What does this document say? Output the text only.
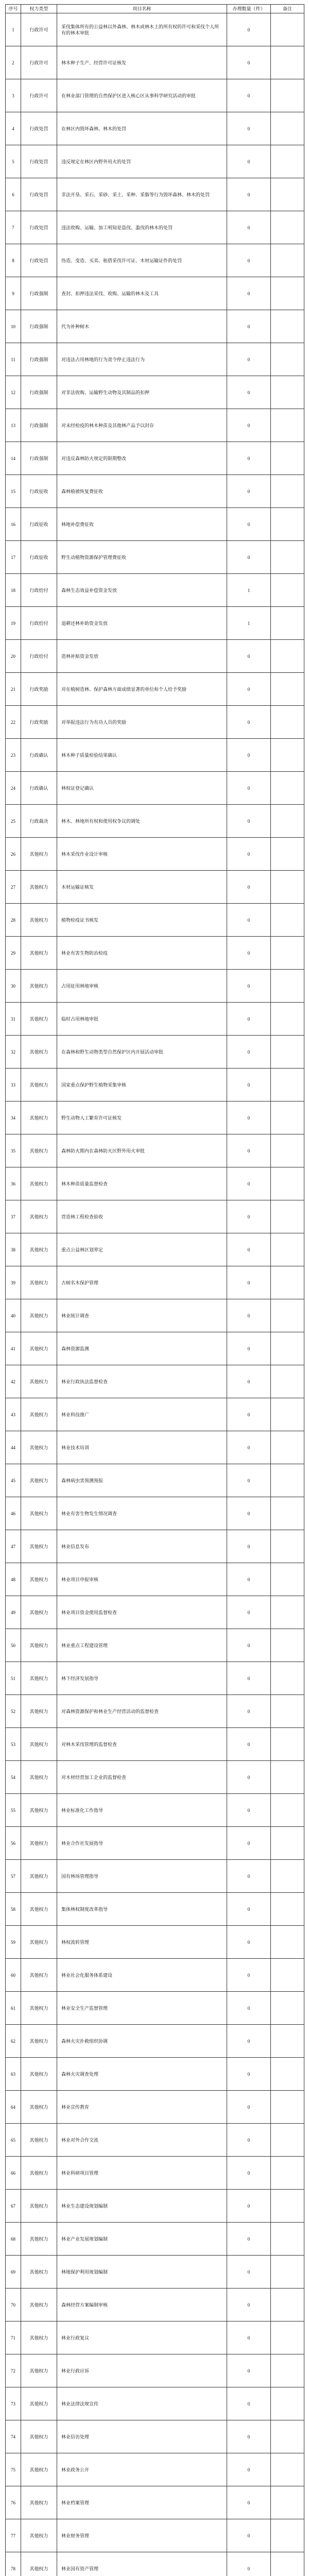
序号	权力类型	项目名称	办理数量（件）	备注
1	行政许可	采伐集体所有的公益林以外森林、林木或林木上的所有权的许可和采伐个人所有的林木审批	0	
2	行政许可	林木种子生产、经营许可证核发	0	
3	行政许可	在林业部门管理的自然保护区进入核心区从事科学研究活动的审批	0	
4	行政处罚	在林区内毁坏森林、林木的处罚	0	
5	行政处罚	违反规定在林区内野外用火的处罚	0	
6	行政处罚	非法开垦、采石、采砂、采土、采种、采脂等行为毁坏森林、林木的处罚	0	
7	行政处罚	违法收购、运输、加工明知是盗伐、滥伐的林木的处罚	0	
8	行政处罚	伪造、变造、买卖、租借采伐许可证、木材运输证件的处罚	0	
9	行政强制	查封、扣押违法采伐、收购、运输的林木及工具	0	
10	行政强制	代为补种树木	0	
11	行政强制	对违法占用林地的行为责令停止违法行为	0	
12	行政强制	对非法收购、运输野生动物及其制品的扣押	0	
13	行政强制	对未经检疫的林木种苗及其他林产品予以封存	0	
14	行政强制	对违反森林防火规定的限期整改	0	
15	行政征收	森林植被恢复费征收	0	
16	行政征收	林地补偿费征收	0	
17	行政征收	野生动植物资源保护管理费征收	0	
18	行政给付	森林生态效益补偿资金发放	1	
19	行政给付	退耕还林补助资金发放	1	
20	行政给付	造林补贴资金发放	0	
21	行政奖励	对在植树造林、保护森林方面成绩显著的单位和个人给予奖励	0	
22	行政奖励	对举报违法行为有功人员的奖励	0	
23	行政确认	林木种子质量检验结果确认	0	
24	行政确认	林权证登记确认	0	
25	行政裁决	林木、林地所有权和使用权争议的调处	0	
26	其他权力	林木采伐作业设计审核	0	
27	其他权力	木材运输证核发	0	
28	其他权力	植物检疫证书核发	0	
29	其他权力	林业有害生物防治检疫	0	
30	其他权力	占用征用林地审核	0	
31	其他权力	临时占用林地审批	0	
32	其他权力	在森林和野生动物类型自然保护区内开展活动审批	0	
33	其他权力	国家重点保护野生植物采集审核	0	
34	其他权力	野生动物人工繁育许可证核发	0	
35	其他权力	森林防火期内在森林防火区野外用火审批	0	
36	其他权力	林木种苗质量监督检查	0	
37	其他权力	营造林工程检查验收	0	
38	其他权力	重点公益林区划界定	0	
39	其他权力	古树名木保护管理	0	
40	其他权力	林业统计调查	0	
41	其他权力	森林资源监测	0	
42	其他权力	林业行政执法监督检查	0	
43	其他权力	林业科技推广	0	
44	其他权力	林业技术培训	0	
45	其他权力	森林病虫害预测预报	0	
46	其他权力	林业有害生物发生情况调查	0	
47	其他权力	林业信息发布	0	
48	其他权力	林业项目申报审核	0	
49	其他权力	林业项目资金使用监督检查	0	
50	其他权力	林业重点工程建设管理	0	
51	其他权力	林下经济发展指导	0	
52	其他权力	对森林资源保护和林业生产经营活动的监督检查	0	
53	其他权力	对林木采伐管理的监督检查	0	
54	其他权力	对木材经营加工企业的监督检查	0	
55	其他权力	林业标准化工作指导	0	
56	其他权力	林业合作社发展指导	0	
57	其他权力	国有林场管理指导	0	
58	其他权力	集体林权制度改革指导	0	
59	其他权力	林权流转管理	0	
60	其他权力	林业社会化服务体系建设	0	
61	其他权力	林业安全生产监督管理	0	
62	其他权力	森林火灾扑救组织协调	0	
63	其他权力	森林火灾调查处理	0	
64	其他权力	林业宣传教育	0	
65	其他权力	林业对外合作交流	0	
66	其他权力	林业科研项目管理	0	
67	其他权力	林业生态建设规划编制	0	
68	其他权力	林业产业发展规划编制	0	
69	其他权力	林地保护利用规划编制	0	
70	其他权力	森林经营方案编制审核	0	
71	其他权力	林业行政复议	0	
72	其他权力	林业行政应诉	0	
73	其他权力	林业法律法规宣传	0	
74	其他权力	林业信访处理	0	
75	其他权力	林业政务公开	0	
76	其他权力	林业档案管理	0	
77	其他权力	林业财务管理	0	
78	其他权力	林业国有资产管理	0	
